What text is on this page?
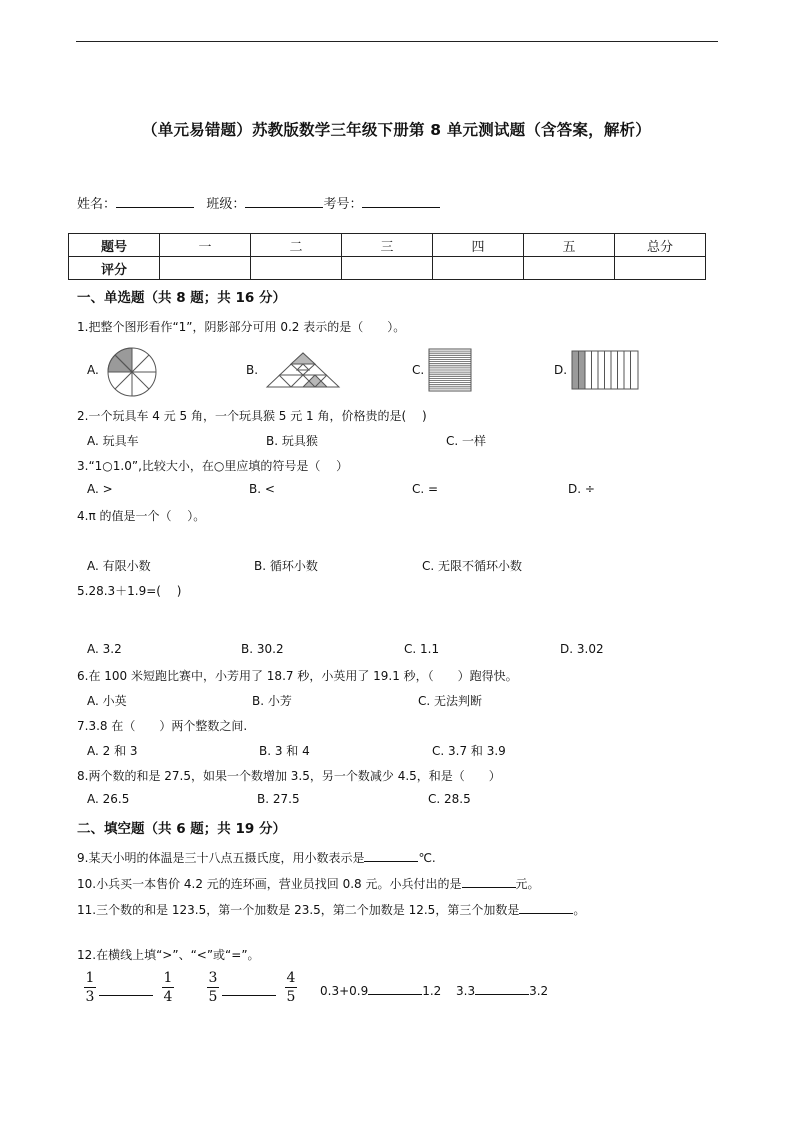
（单元易错题）苏教版数学三年级下册第 8 单元测试题（含答案，解析）
姓名：	班级：	考号：
题号	一	二	三	四	五	总分
评分						
一、单选题（共 8 题；共 16 分）
1.把整个图形看作“1”，阴影部分可用 0.2 表示的是（　　）。
A.	B.	C.	D.
2.一个玩具车 4 元 5 角，一个玩具猴 5 元 1 角，价格贵的是(　 )
A. 玩具车	B. 玩具猴	C. 一样
3.“1○1.0”,比较大小，在○里应填的符号是（　 ）
A. >	B. <	C. =	D. ÷
4.π 的值是一个（　 ）。
A. 有限小数	B. 循环小数	C. 无限不循环小数
5.28.3＋1.9=(　 )
A. 3.2	B. 30.2	C. 1.1	D. 3.02
6.在 100 米短跑比赛中，小芳用了 18.7 秒，小英用了 19.1 秒，（　　）跑得快。
A. 小英	B. 小芳	C. 无法判断
7.3.8 在（　　）两个整数之间.
A. 2 和 3	B. 3 和 4	C. 3.7 和 3.9
8.两个数的和是 27.5，如果一个数增加 3.5，另一个数减少 4.5，和是（　　）
A. 26.5	B. 27.5	C. 28.5
二、填空题（共 6 题；共 19 分）
9.某天小明的体温是三十八点五摄氏度，用小数表示是	℃.
10.小兵买一本售价 4.2 元的连环画，营业员找回 0.8 元。小兵付出的是	元。
11.三个数的和是 123.5，第一个加数是 23.5，第二个加数是 12.5，第三个加数是	。
12.在横线上填“>”、“<”或“=”。
1
3
1
4
3
5
4
5 0.3+0.9	1.2 3.3	3.2
